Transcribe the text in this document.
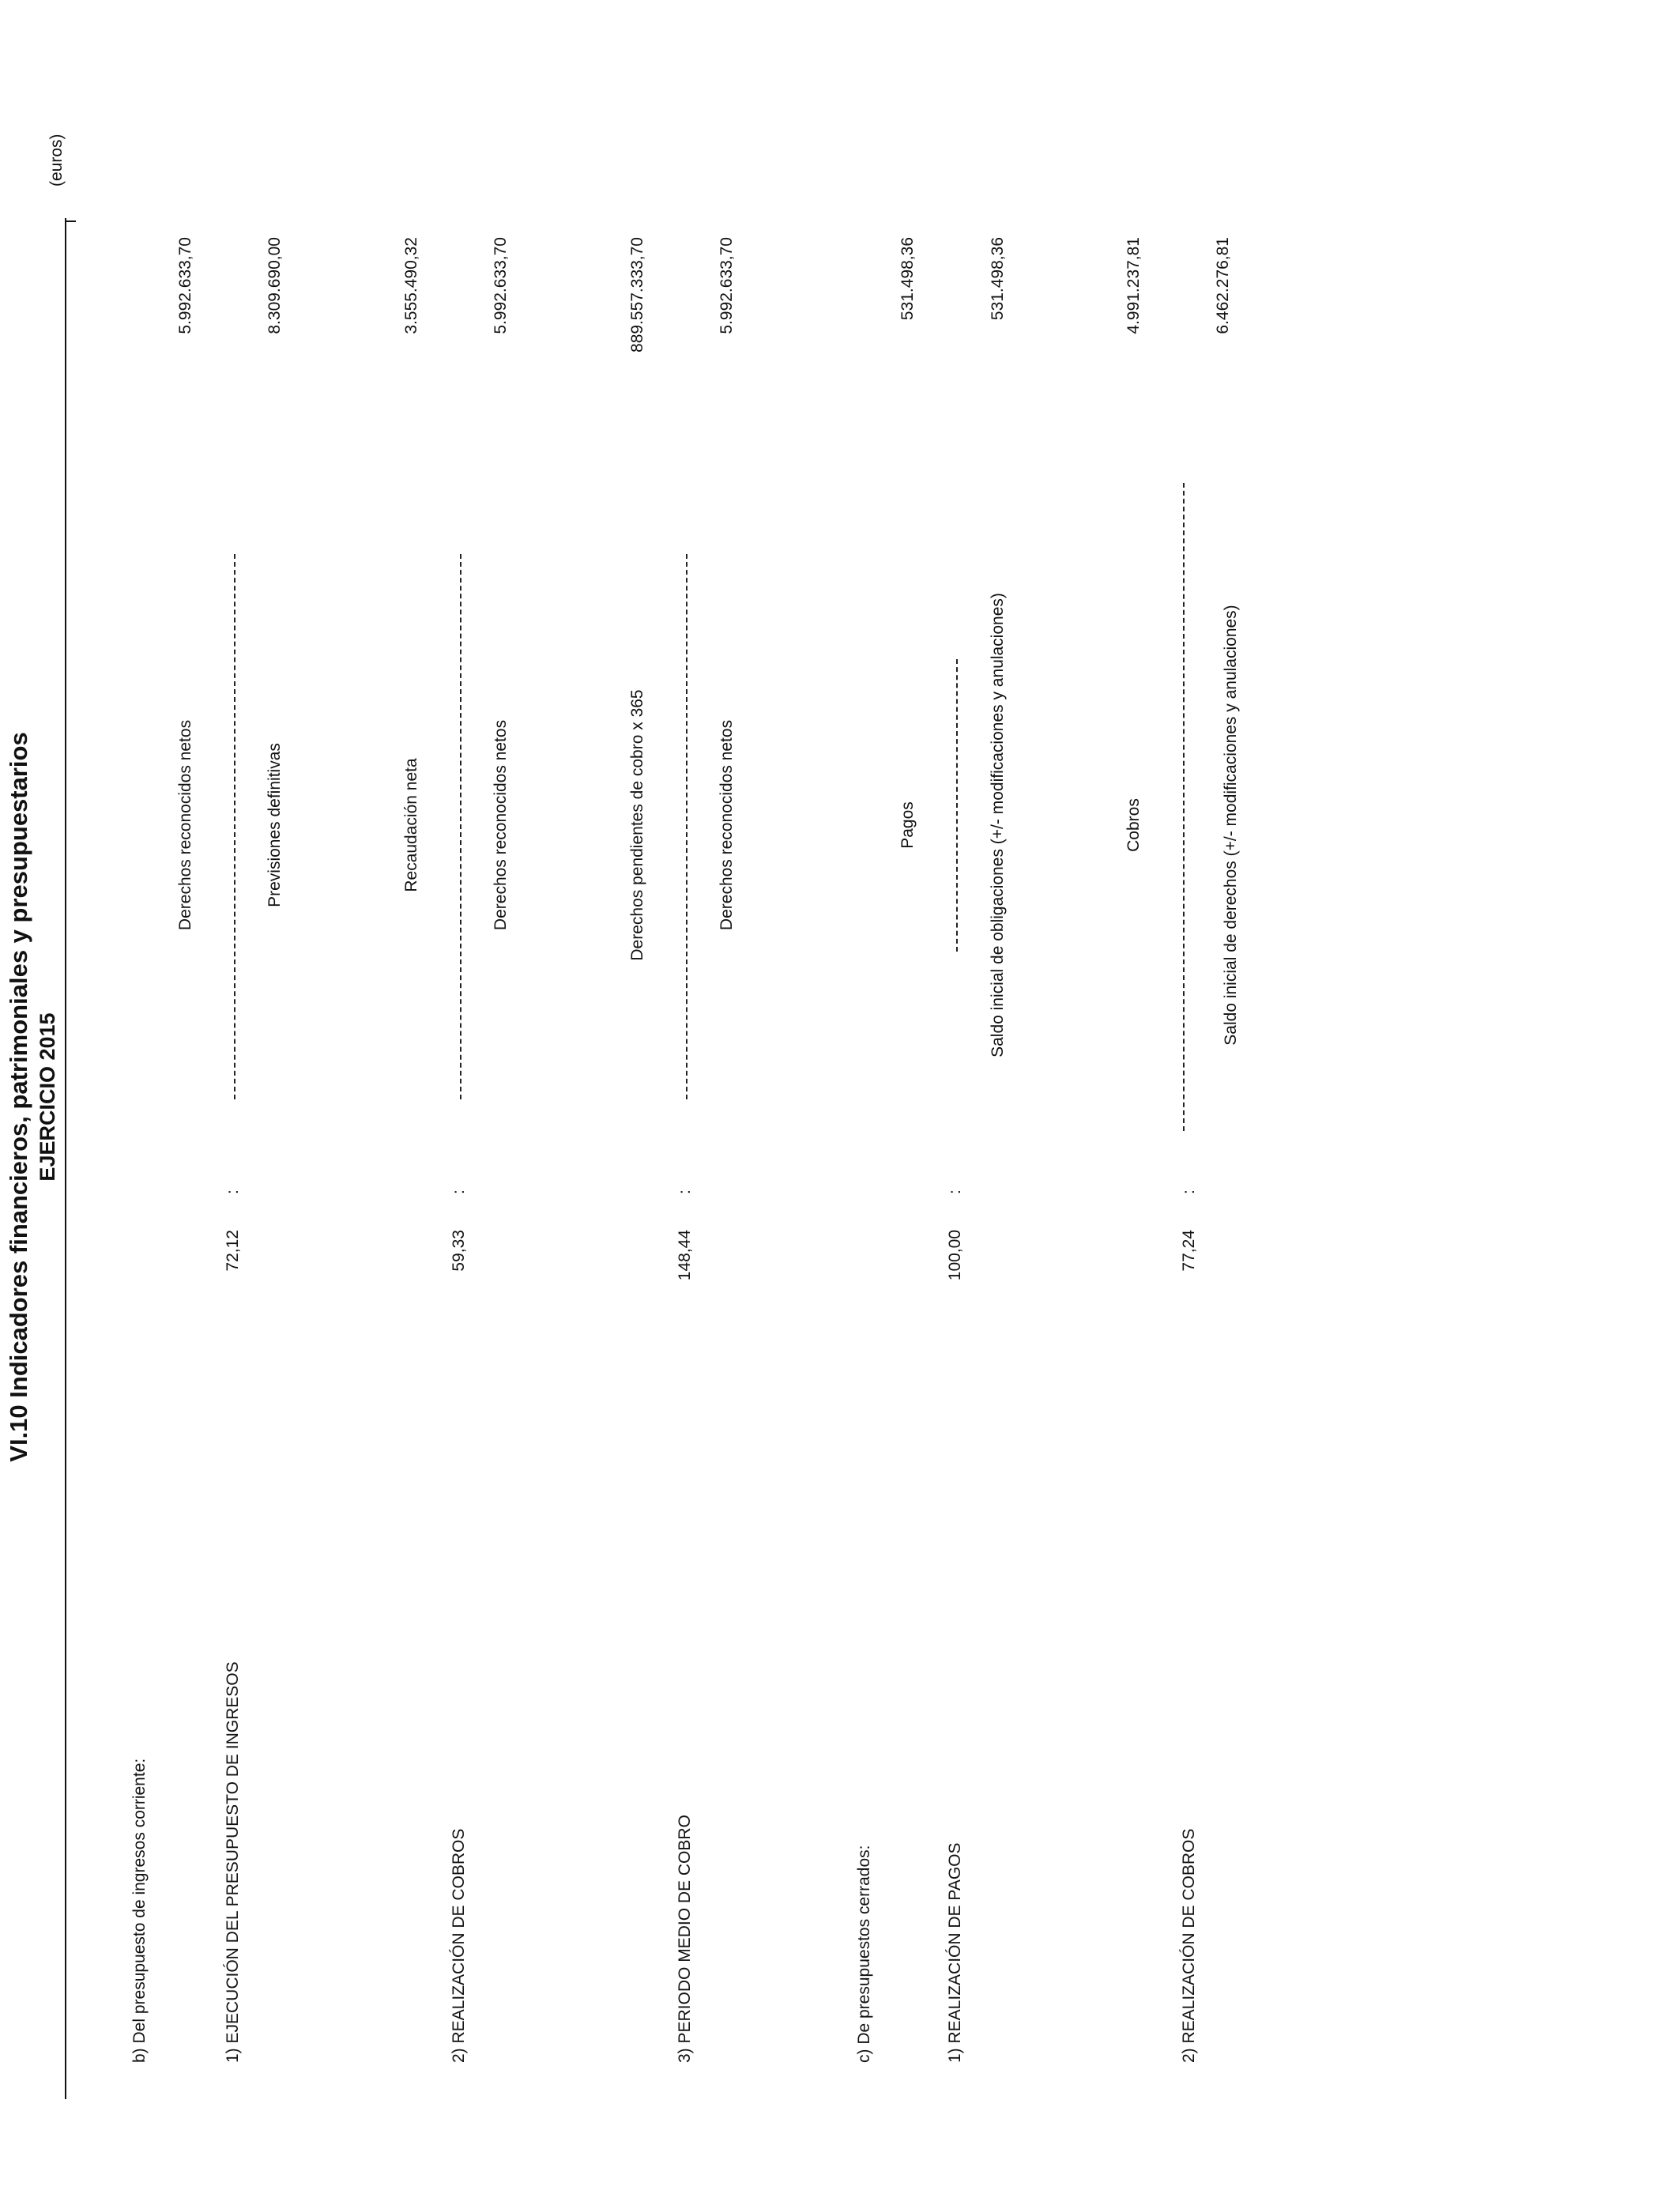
VI.10 Indicadores financieros, patrimoniales y presupuestarios EJERCICIO 2015
(euros)
b) Del presupuesto de ingresos corriente:	1) EJECUCIÓN DEL PRESUPUESTO DE INGRESOS
72,12
:
Derechos reconocidos netos	Previsiones definitivas
5.992.633,70	8.309.690,00
2) REALIZACIÓN DE COBROS
59,33
:
Recaudación neta	Derechos reconocidos netos
3.555.490,32	5.992.633,70
3) PERIODO MEDIO DE COBRO
148,44
:
Derechos pendientes de cobro x 365	Derechos reconocidos netos
889.557.333,70	5.992.633,70
c) De presupuestos cerrados:	1) REALIZACIÓN DE PAGOS
100,00
:
Pagos	Saldo inicial de obligaciones (+/- modificaciones y anulaciones)
531.498,36	531.498,36
2) REALIZACIÓN DE COBROS
77,24
:
Cobros	Saldo inicial de derechos (+/- modificaciones y anulaciones)
4.991.237,81	6.462.276,81
